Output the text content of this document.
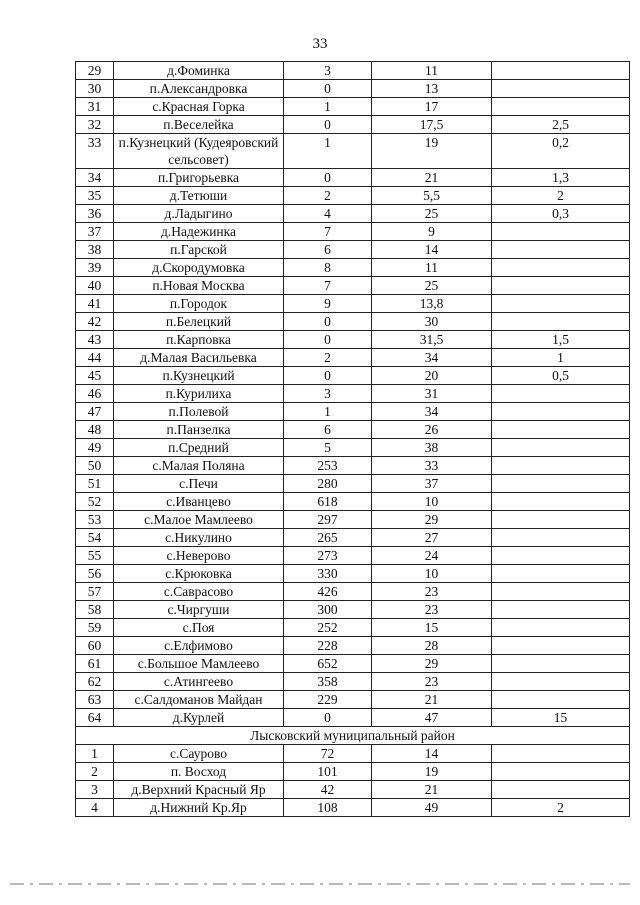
33
29	д.Фоминка	3	11	
30	п.Александровка	0	13	
31	с.Красная Горка	1	17	
32	п.Веселейка	0	17,5	2,5
33	п.Кузнецкий (Кудеяровский сельсовет)	1	19	0,2
34	п.Григорьевка	0	21	1,3
35	д.Тетюши	2	5,5	2
36	д.Ладыгино	4	25	0,3
37	д.Надежинка	7	9	
38	п.Гарской	6	14	
39	д.Скородумовка	8	11	
40	п.Новая Москва	7	25	
41	п.Городок	9	13,8	
42	п.Белецкий	0	30	
43	п.Карповка	0	31,5	1,5
44	д.Малая Васильевка	2	34	1
45	п.Кузнецкий	0	20	0,5
46	п.Курилиха	3	31	
47	п.Полевой	1	34	
48	п.Панзелка	6	26	
49	п.Средний	5	38	
50	с.Малая Поляна	253	33	
51	с.Печи	280	37	
52	с.Иванцево	618	10	
53	с.Малое Мамлеево	297	29	
54	с.Никулино	265	27	
55	с.Неверово	273	24	
56	с.Крюковка	330	10	
57	с.Саврасово	426	23	
58	с.Чиргуши	300	23	
59	с.Поя	252	15	
60	с.Елфимово	228	28	
61	с.Большое Мамлеево	652	29	
62	с.Атингеево	358	23	
63	с.Салдоманов Майдан	229	21	
64	д.Курлей	0	47	15
Лысковский муниципальный район				
1	с.Саурово	72	14	
2	п. Восход	101	19	
3	д.Верхний Красный Яр	42	21	
4	д.Нижний Кр.Яр	108	49	2
